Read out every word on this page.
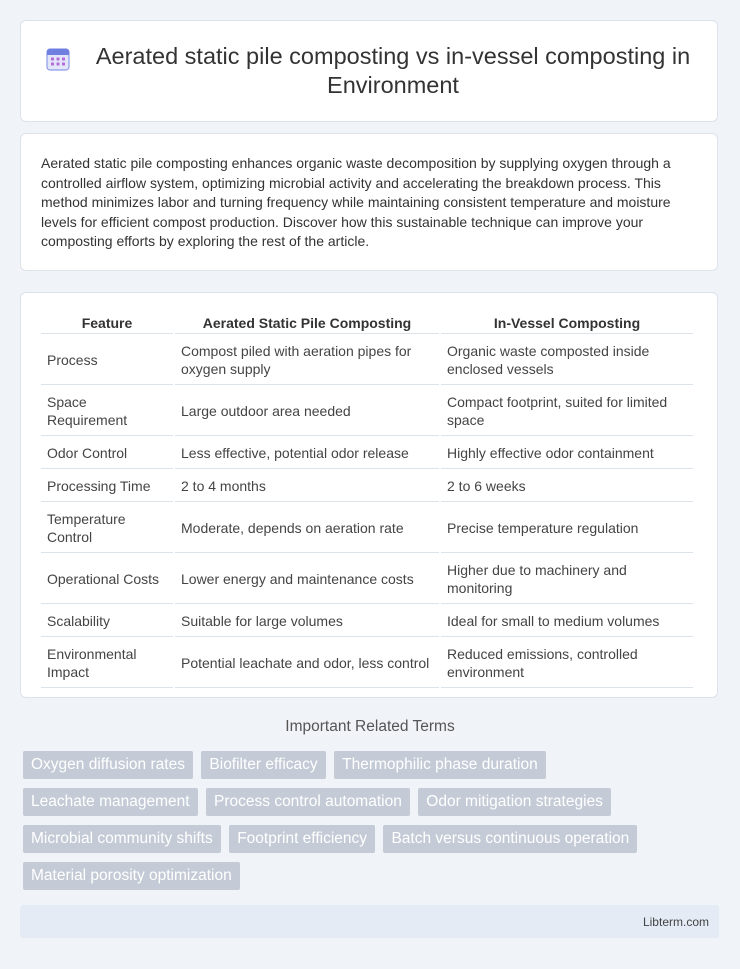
Aerated static pile composting vs in-vessel composting in Environment

Aerated static pile composting enhances organic waste decomposition by supplying oxygen through a controlled airflow system, optimizing microbial activity and accelerating the breakdown process. This method minimizes labor and turning frequency while maintaining consistent temperature and moisture levels for efficient compost production. Discover how this sustainable technique can improve your composting efforts by exploring the rest of the article.

Feature	Aerated Static Pile Composting	In-Vessel Composting
Process	Compost piled with aeration pipes for oxygen supply	Organic waste composted inside enclosed vessels
Space Requirement	Large outdoor area needed	Compact footprint, suited for limited space
Odor Control	Less effective, potential odor release	Highly effective odor containment
Processing Time	2 to 4 months	2 to 6 weeks
Temperature Control	Moderate, depends on aeration rate	Precise temperature regulation
Operational Costs	Lower energy and maintenance costs	Higher due to machinery and monitoring
Scalability	Suitable for large volumes	Ideal for small to medium volumes
Environmental Impact	Potential leachate and odor, less control	Reduced emissions, controlled environment
Important Related Terms
Oxygen diffusion rates Biofilter efficacy Thermophilic phase duration Leachate management Process control automation Odor mitigation strategies Microbial community shifts Footprint efficiency Batch versus continuous operation Material porosity optimization
Libterm.com
